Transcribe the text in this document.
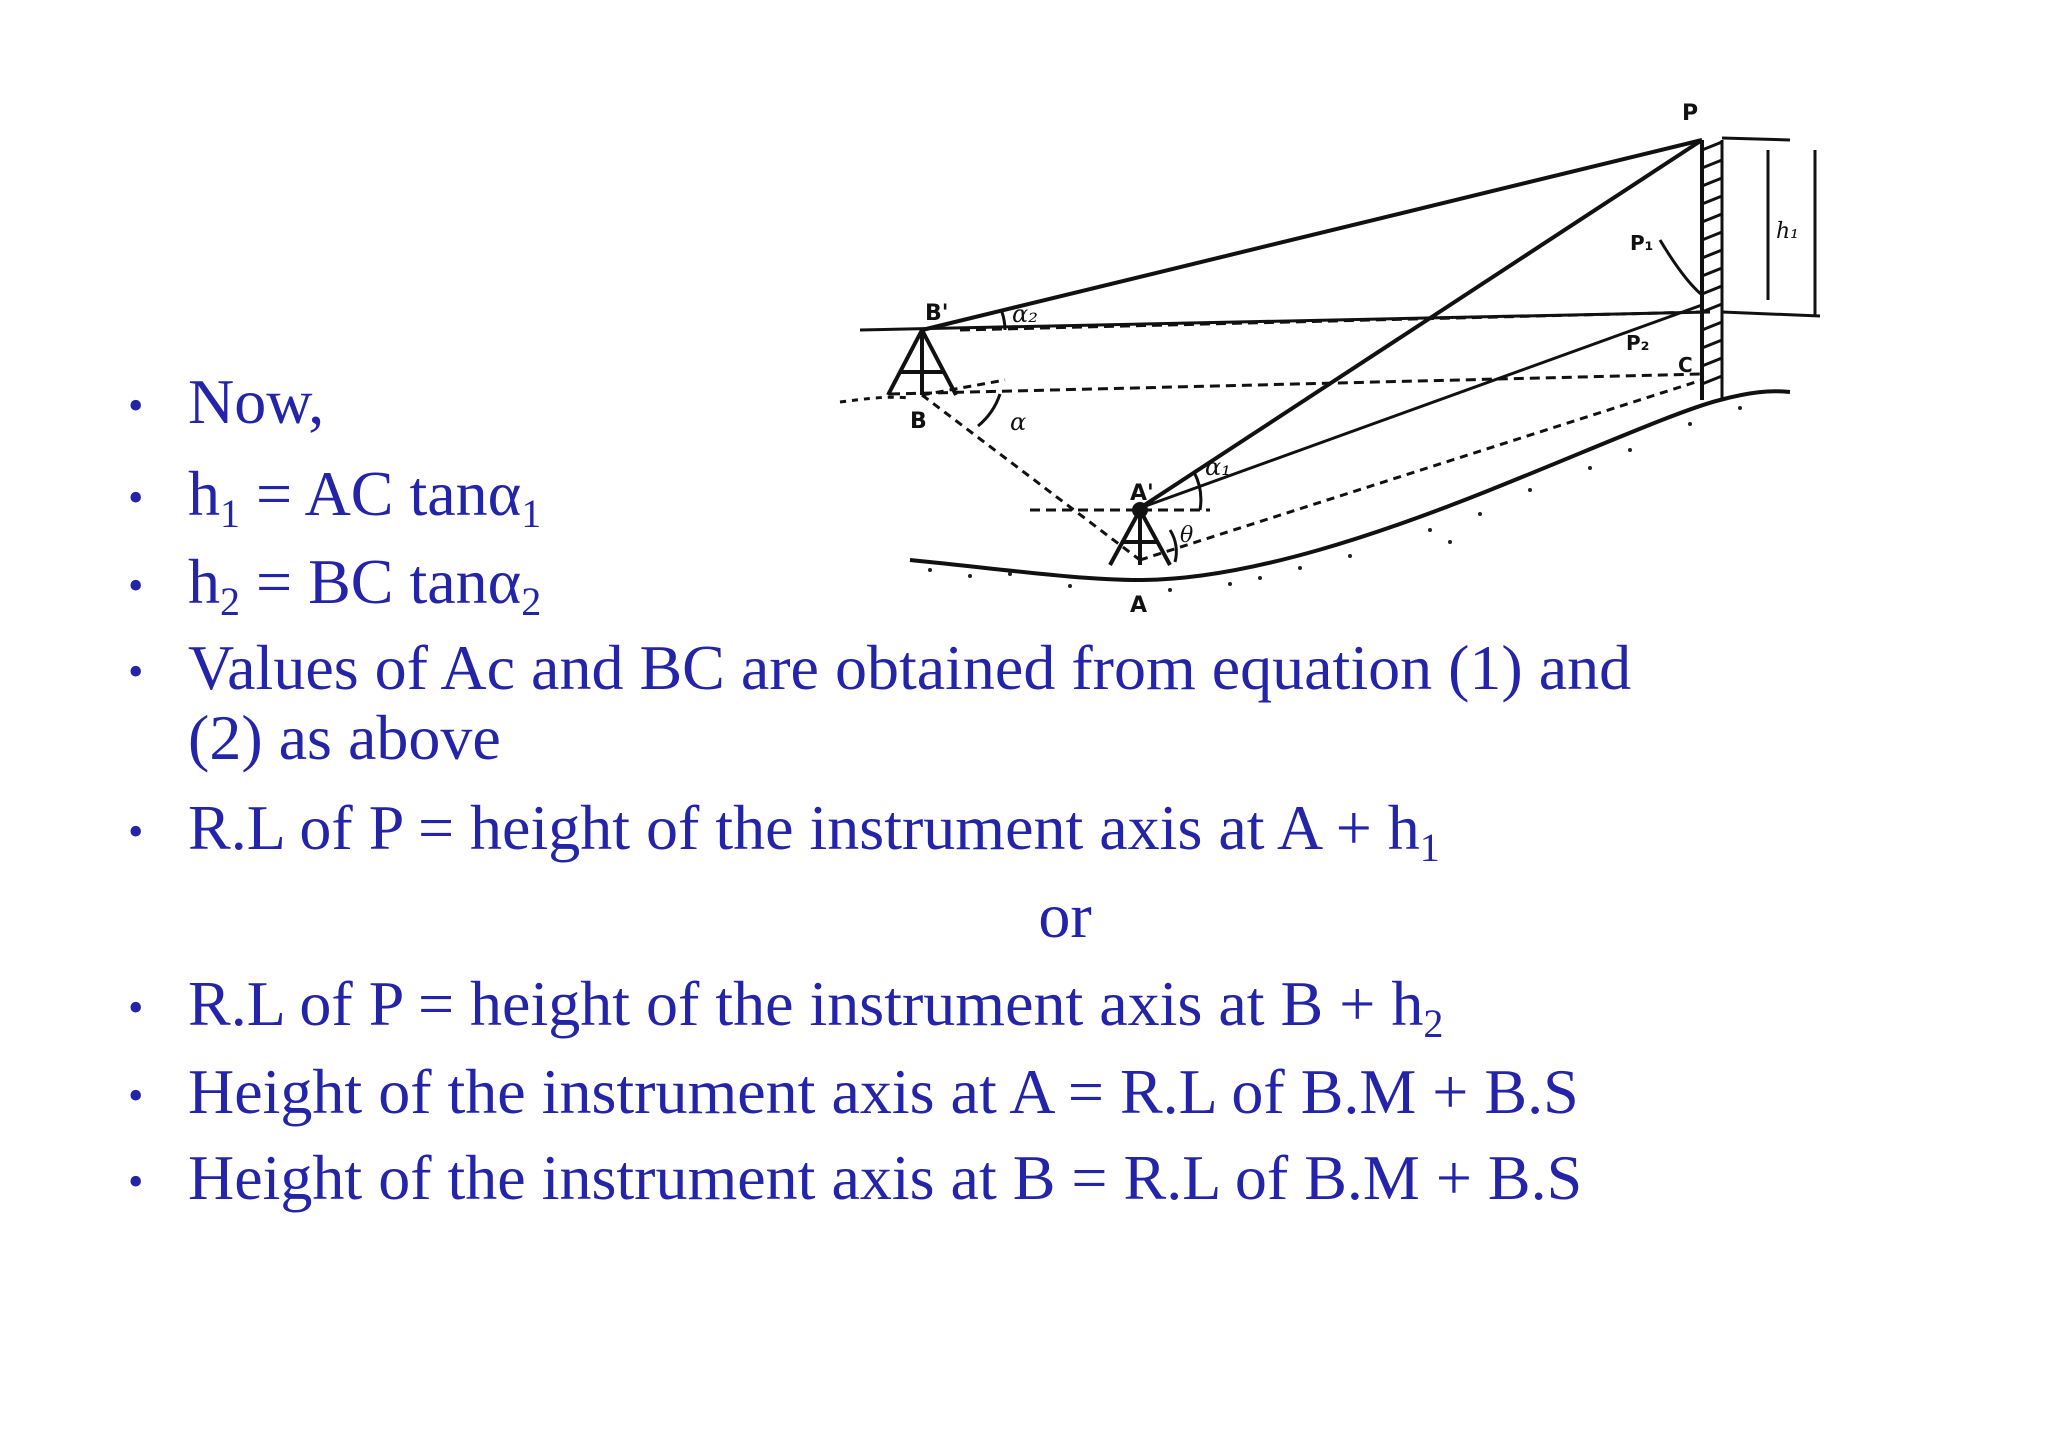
P
P₁
P₂
C
h₁
B'
B
A'
A
α₂
α
α₁
θ
• Now,
• $h_1$ = AC tanα$_1$
• $h_2$ = BC tanα$_2$
• Values of Ac and BC are obtained from equation (1) and
(2) as above
• R.L of P = height of the instrument axis at $A + h_1$
or
• R.L of P = height of the instrument axis at $B + h_2$
• Height of the instrument axis at A = R.L of B.M + B.S
• Height of the instrument axis at B = R.L of B.M + B.S
